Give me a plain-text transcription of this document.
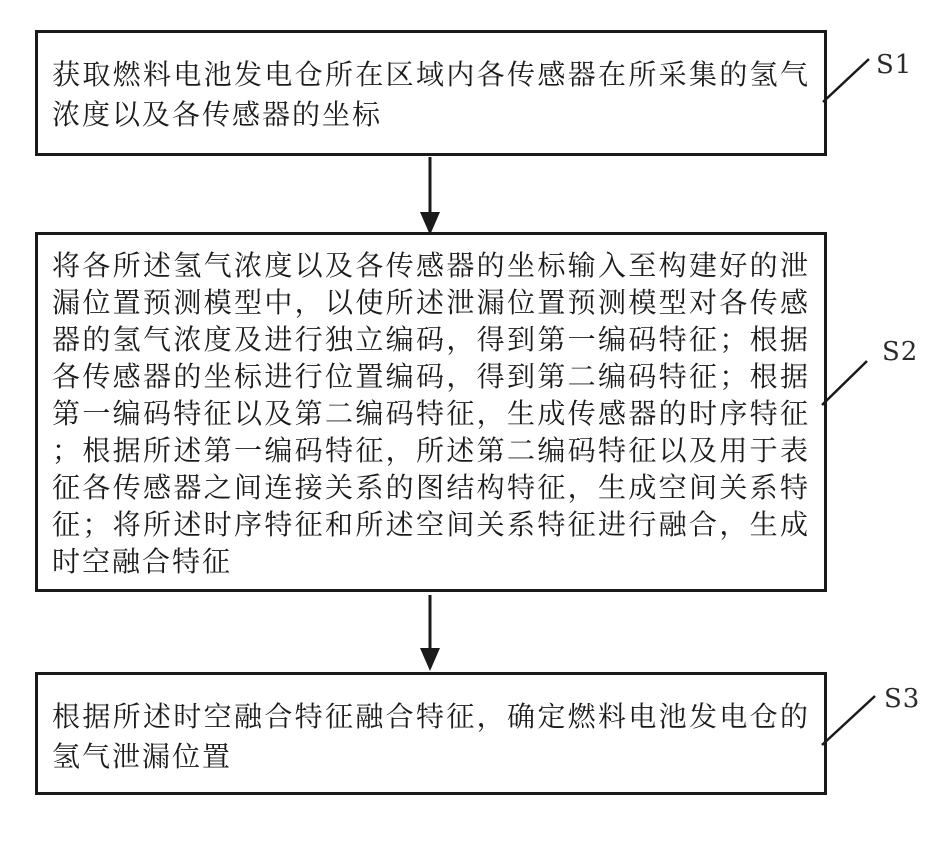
获取燃料电池发电仓所在区域内各传感器在所采集的氢气浓度以及各传感器的坐标
将各所述氢气浓度以及各传感器的坐标输入至构建好的泄漏位置预测模型中，以使所述泄漏位置预测模型对各传感器的氢气浓度及进行独立编码，得到第一编码特征；根据各传感器的坐标进行位置编码，得到第二编码特征；根据第一编码特征以及第二编码特征，生成传感器的时序特征；根据所述第一编码特征，所述第二编码特征以及用于表征各传感器之间连接关系的图结构特征，生成空间关系特征；将所述时序特征和所述空间关系特征进行融合，生成时空融合特征
根据所述时空融合特征融合特征，确定燃料电池发电仓的氢气泄漏位置
S1
S2
S3
